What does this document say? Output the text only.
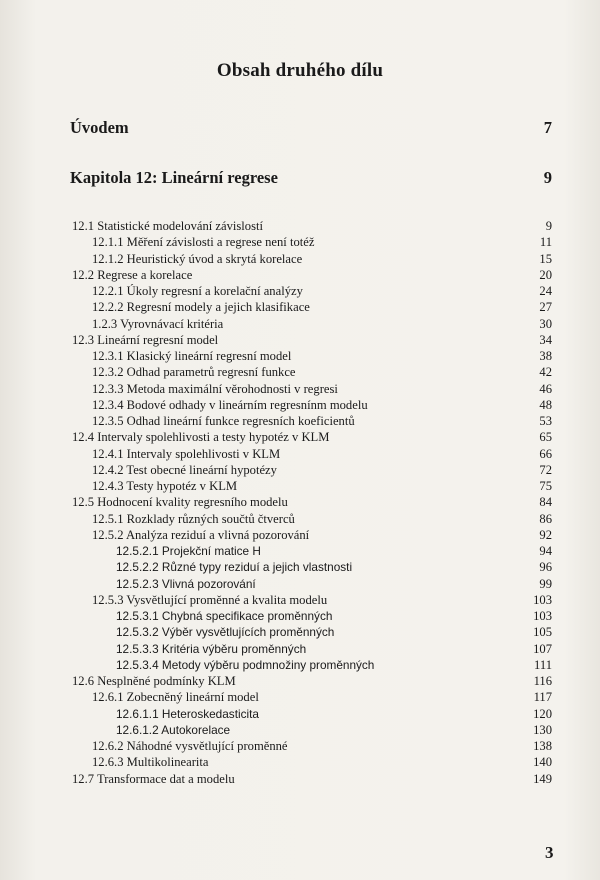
Obsah druhého dílu
Úvodem	7
Kapitola 12: Lineární regrese	9
12.1 Statistické modelování závislostí	9
12.1.1 Měření závislosti a regrese není totéž	11
12.1.2 Heuristický úvod a skrytá korelace	15
12.2 Regrese a korelace	20
12.2.1 Úkoly regresní a korelační analýzy	24
12.2.2 Regresní modely a jejich klasifikace	27
1.2.3 Vyrovnávací kritéria	30
12.3 Lineární regresní model	34
12.3.1 Klasický lineární regresní model	38
12.3.2 Odhad parametrů regresní funkce	42
12.3.3 Metoda maximální věrohodnosti v regresi	46
12.3.4 Bodové odhady v lineárním regresnínm modelu	48
12.3.5 Odhad lineární funkce regresních koeficientů	53
12.4 Intervaly spolehlivosti a testy hypotéz v KLM	65
12.4.1 Intervaly spolehlivosti v KLM	66
12.4.2 Test obecné lineární hypotézy	72
12.4.3 Testy hypotéz v KLM	75
12.5 Hodnocení kvality regresního modelu	84
12.5.1 Rozklady různých součtů čtverců	86
12.5.2 Analýza reziduí a vlivná pozorování	92
12.5.2.1 Projekční matice H	94
12.5.2.2 Různé typy reziduí a jejich vlastnosti	96
12.5.2.3 Vlivná pozorování	99
12.5.3 Vysvětlující proměnné a kvalita modelu	103
12.5.3.1 Chybná specifikace proměnných	103
12.5.3.2 Výběr vysvětlujících proměnných	105
12.5.3.3 Kritéria výběru proměnných	107
12.5.3.4 Metody výběru podmnožiny proměnných	111
12.6 Nesplněné podmínky KLM	116
12.6.1 Zobecněný lineární model	117
12.6.1.1 Heteroskedasticita	120
12.6.1.2 Autokorelace	130
12.6.2 Náhodné vysvětlující proměnné	138
12.6.3 Multikolinearita	140
12.7 Transformace dat a modelu	149
3
